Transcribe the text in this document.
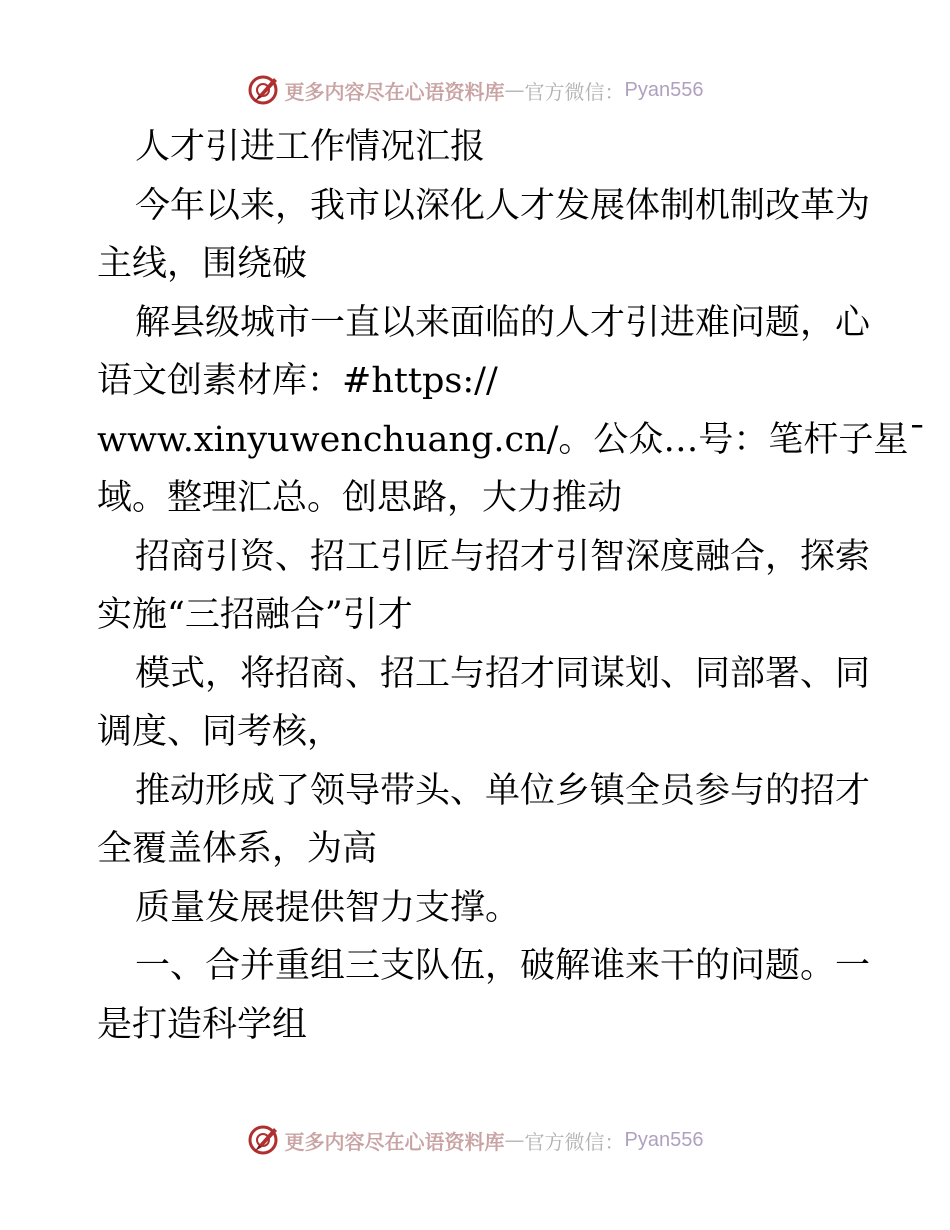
更多内容尽在心语资料库 — 官方微信： Pyan556
人才引进工作情况汇报
今年以来，我市以深化人才发展体制机制改革为
主线，围绕破
解县级城市一直以来面临的人才引进难问题，心
语文创素材库：#https://
www.xinyuwenchuang.cn/。公众…号：笔杆子星¯
域。整理汇总。创思路，大力推动
招商引资、招工引匠与招才引智深度融合，探索
实施“三招融合”引才
模式，将招商、招工与招才同谋划、同部署、同
调度、同考核，
推动形成了领导带头、单位乡镇全员参与的招才
全覆盖体系，为高
质量发展提供智力支撑。
一、合并重组三支队伍，破解谁来干的问题。一
是打造科学组
更多内容尽在心语资料库 — 官方微信： Pyan556
